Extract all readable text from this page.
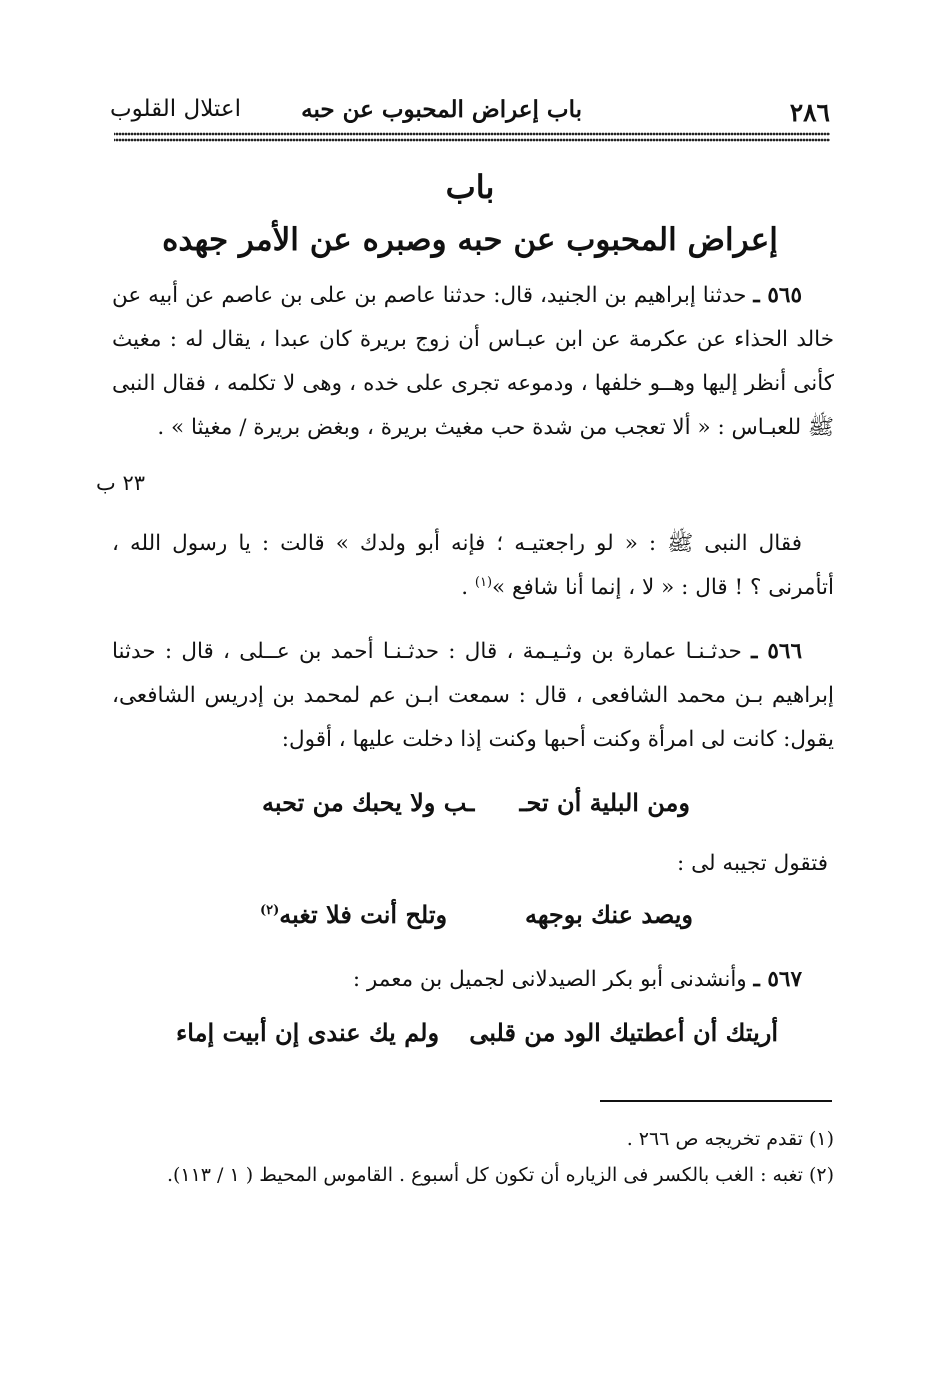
٢٨٦
باب إعراض المحبوب عن حبه
اعتلال القلوب
باب
إعراض المحبوب عن حبه وصبره عن الأمر جهده
٥٦٥ ـ حدثنا إبراهيم بن الجنيد، قال: حدثنا عاصم بن على بن عاصم عن أبيه عن خالد الحذاء عن عكرمة عن ابن عبـاس أن زوج بريرة كان عبدا ، يقال له : مغيث كأنى أنظر إليها وهــو خلفها ، ودموعه تجرى على خده ، وهى لا تكلمه ، فقال النبى ﷺ للعبـاس : « ألا تعجب من شدة حب مغيث بريرة ، وبغض بريرة / مغيثا » .
٢٣ ب
فقال النبى ﷺ : « لو راجعتيـه ؛ فإنه أبو ولدك » قالت : يا رسول الله ، أتأمرنى ؟ ! قال : « لا ، إنما أنا شافع »$^{(١)}$ .
٥٦٦ ـ حدثـنـا عمارة بن وثـيـمة ، قال : حدثـنـا أحمد بن عــلى ، قال : حدثنا إبراهيم بـن محمد الشافعى ، قال : سمعت ابـن عم لمحمد بن إدريس الشافعى، يقول: كانت لى امرأة وكنت أحبها وكنت إذا دخلت عليها ، أقول:
ومن البلية أن تحـ
ـب ولا يحبك من تحبه
فتقول تجيبه لى :
ويصد عنك بوجهه
وتلح أنت فلا تغبه$^{(٢)}$
٥٦٧ ـ وأنشدنى أبو بكر الصيدلانى لجميل بن معمر :
أريتك أن أعطتيك الود من قلبى
ولم يك عندى إن أبيت إماء
(١) تقدم تخريجه ص ٢٦٦ .
(٢) تغبه : الغب بالكسر فى الزياره أن تكون كل أسبوع . القاموس المحيط ( ١ / ١١٣).
